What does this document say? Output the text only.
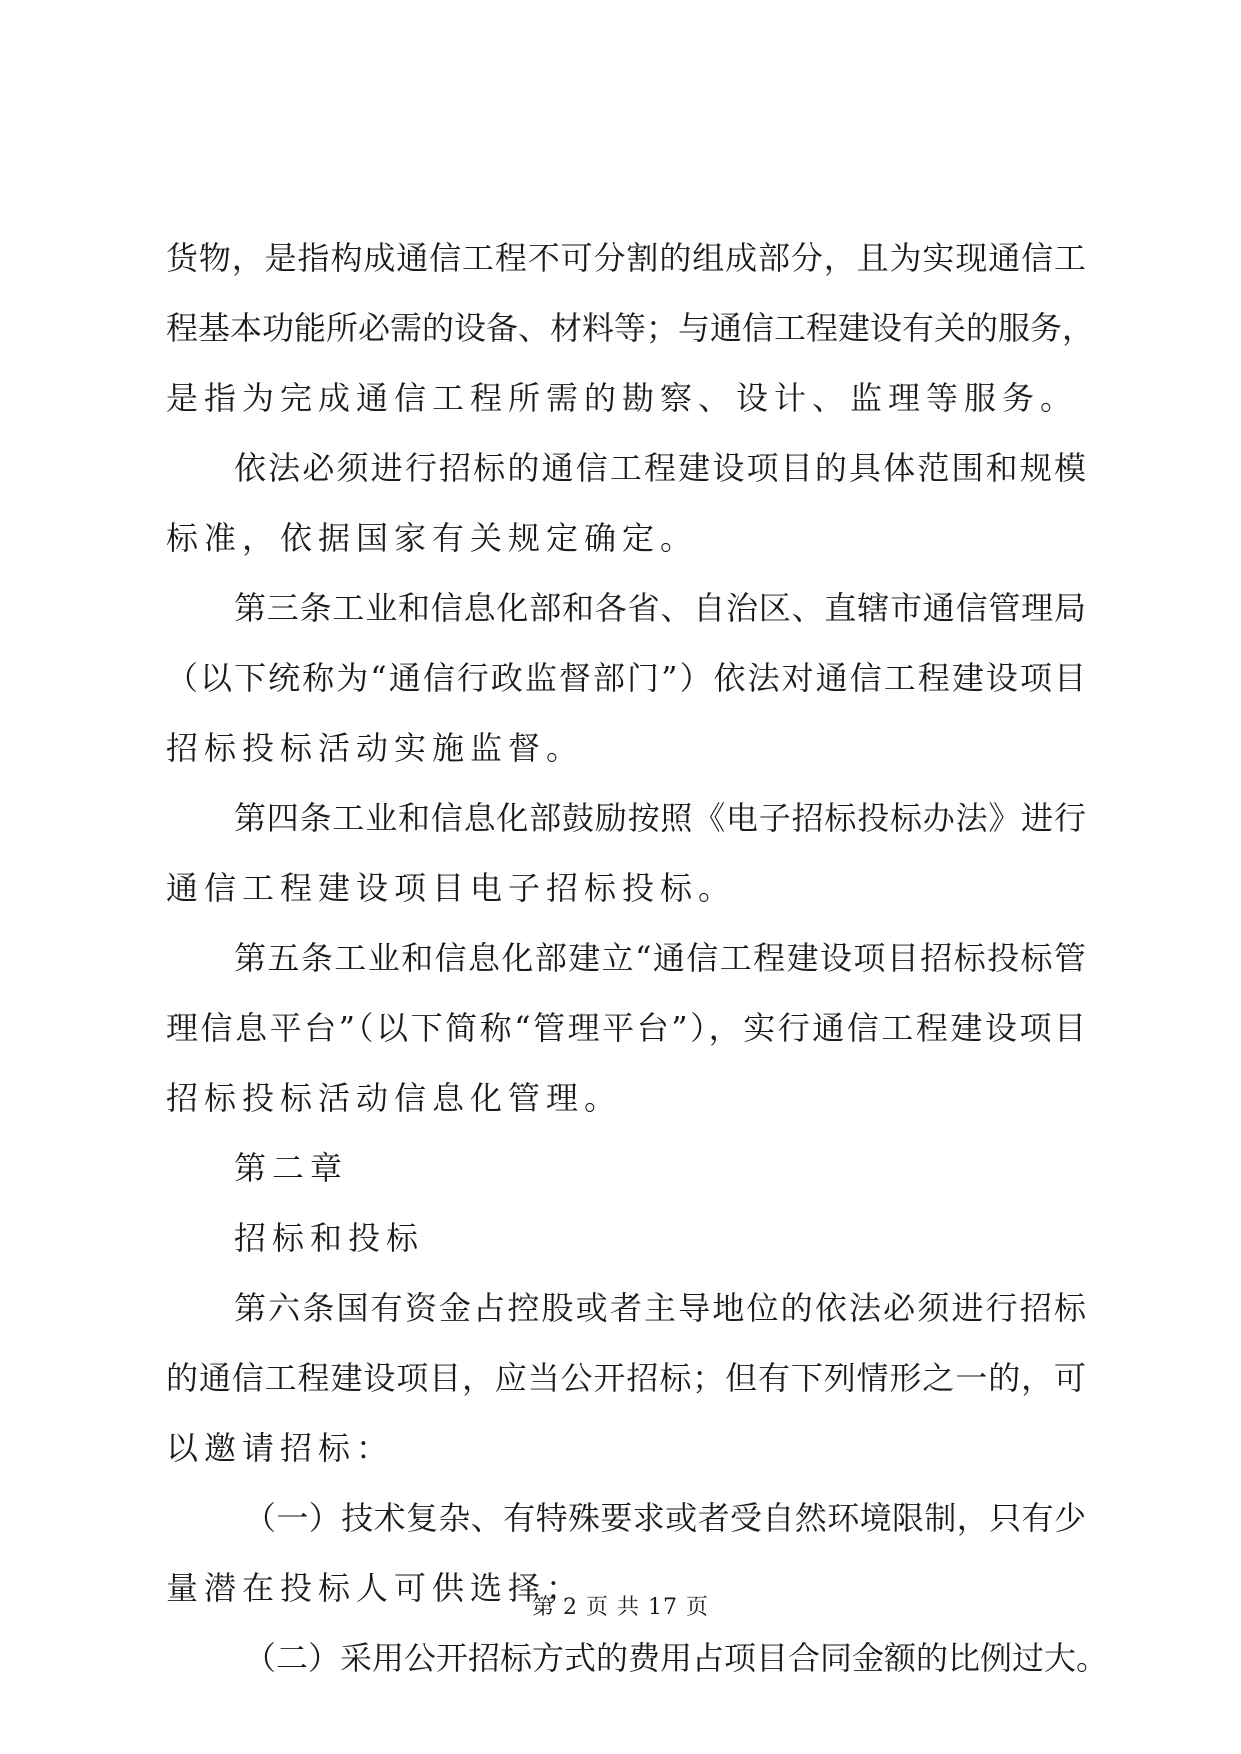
货物，是指构成通信工程不可分割的组成部分，且为实现通信工
程基本功能所必需的设备、材料等；与通信工程建设有关的服务，
是指为完成通信工程所需的勘察、设计、监理等服务。
依法必须进行招标的通信工程建设项目的具体范围和规模
标准，依据国家有关规定确定。
第三条工业和信息化部和各省、自治区、直辖市通信管理局
（以下统称为“通信行政监督部门”）依法对通信工程建设项目
招标投标活动实施监督。
第四条工业和信息化部鼓励按照《电子招标投标办法》进行
通信工程建设项目电子招标投标。
第五条工业和信息化部建立“通信工程建设项目招标投标管
理信息平台”（以下简称“管理平台”），实行通信工程建设项目
招标投标活动信息化管理。
第二章
招标和投标
第六条国有资金占控股或者主导地位的依法必须进行招标
的通信工程建设项目，应当公开招标；但有下列情形之一的，可
以邀请招标：
（一）技术复杂、有特殊要求或者受自然环境限制，只有少
量潜在投标人可供选择；
（二）采用公开招标方式的费用占项目合同金额的比例过大。
第 2 页 共 17 页
